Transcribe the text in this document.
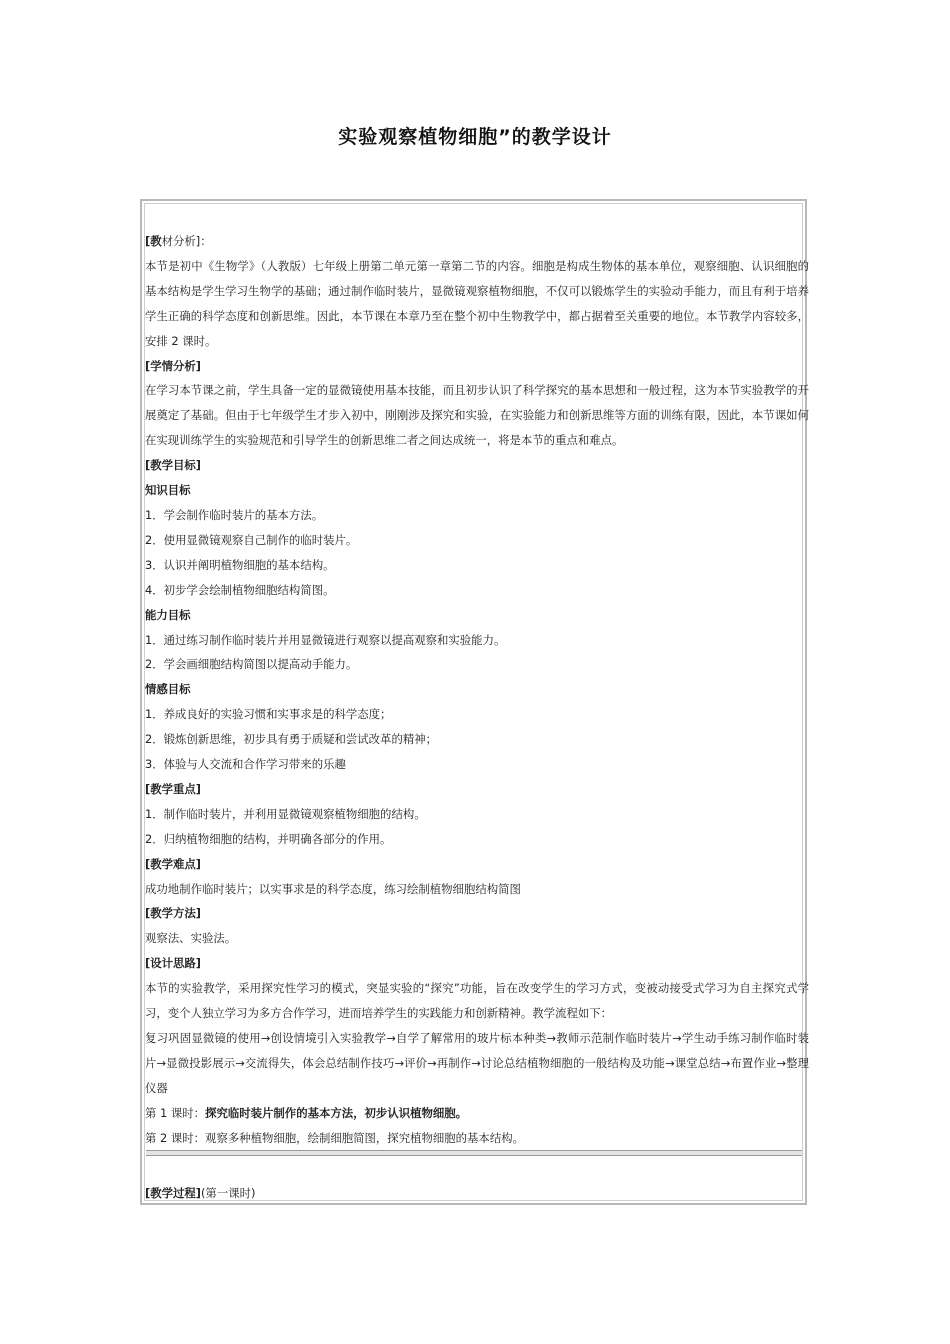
实验观察植物细胞”的教学设计

[教材分析]：

本节是初中《生物学》（人教版）七年级上册第二单元第一章第二节的内容。细胞是构成生物体的基本单位，观察细胞、认识细胞的基本结构是学生学习生物学的基础；通过制作临时装片，显微镜观察植物细胞，不仅可以锻炼学生的实验动手能力，而且有利于培养学生正确的科学态度和创新思维。因此，本节课在本章乃至在整个初中生物教学中，都占据着至关重要的地位。本节教学内容较多，安排 2 课时。

[学情分析]

在学习本节课之前，学生具备一定的显微镜使用基本技能，而且初步认识了科学探究的基本思想和一般过程，这为本节实验教学的开展奠定了基础。但由于七年级学生才步入初中，刚刚涉及探究和实验，在实验能力和创新思维等方面的训练有限，因此，本节课如何在实现训练学生的实验规范和引导学生的创新思维二者之间达成统一，将是本节的重点和难点。

[教学目标]

知识目标

1．学会制作临时装片的基本方法。

2．使用显微镜观察自己制作的临时装片。

3．认识并阐明植物细胞的基本结构。

4．初步学会绘制植物细胞结构简图。

能力目标

1．通过练习制作临时装片并用显微镜进行观察以提高观察和实验能力。

2．学会画细胞结构简图以提高动手能力。

情感目标

1．养成良好的实验习惯和实事求是的科学态度；

2．锻炼创新思维，初步具有勇于质疑和尝试改革的精神；

3．体验与人交流和合作学习带来的乐趣

[教学重点]

1．制作临时装片，并利用显微镜观察植物细胞的结构。

2．归纳植物细胞的结构，并明确各部分的作用。

[教学难点]

成功地制作临时装片；以实事求是的科学态度，练习绘制植物细胞结构简图

[教学方法]

观察法、实验法。

[设计思路]

本节的实验教学，采用探究性学习的模式，突显实验的“探究”功能，旨在改变学生的学习方式，变被动接受式学习为自主探究式学习，变个人独立学习为多方合作学习，进而培养学生的实践能力和创新精神。教学流程如下：

复习巩固显微镜的使用→创设情境引入实验教学→自学了解常用的玻片标本种类→教师示范制作临时装片→学生动手练习制作临时装片→显微投影展示→交流得失，体会总结制作技巧→评价→再制作→讨论总结植物细胞的一般结构及功能→课堂总结→布置作业→整理仪器

第 1 课时：探究临时装片制作的基本方法，初步认识植物细胞。

第 2 课时：观察多种植物细胞，绘制细胞简图，探究植物细胞的基本结构。

[教学过程](第一课时)
